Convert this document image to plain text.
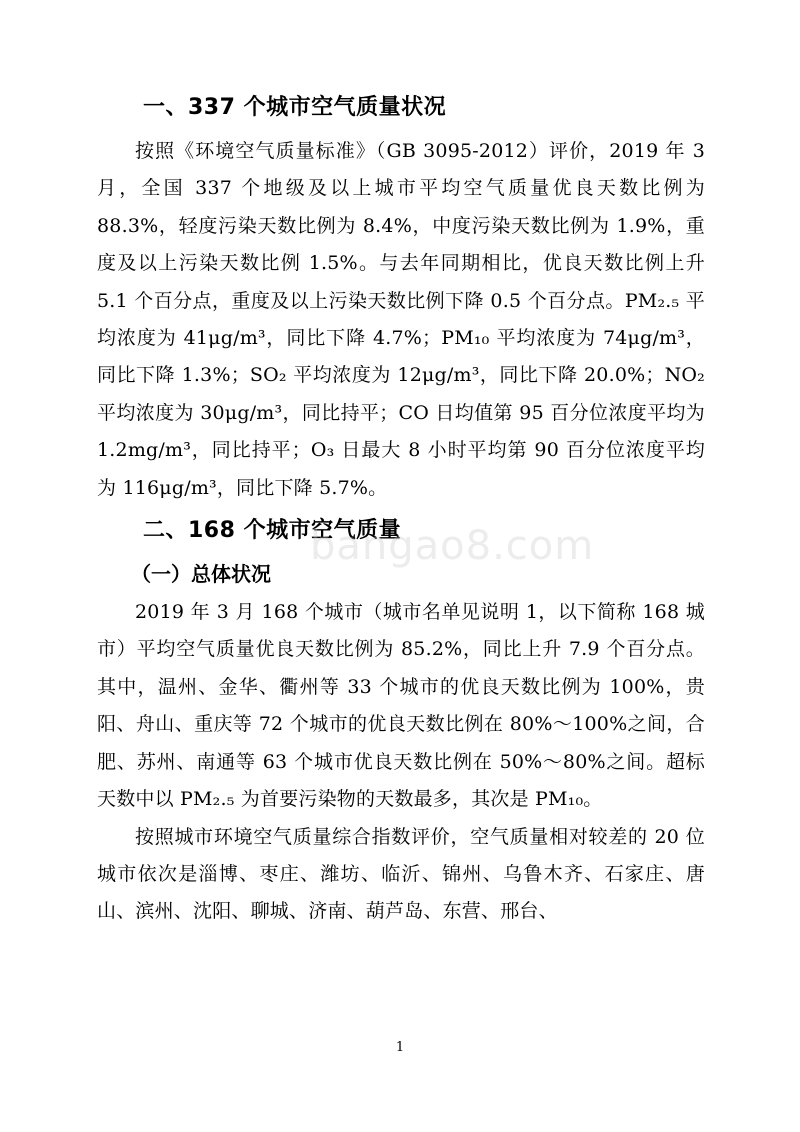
一、337 个城市空气质量状况

按照《环境空气质量标准》（GB 3095-2012）评价，2019 年 3 月，全国 337 个地级及以上城市平均空气质量优良天数比例为 88.3%，轻度污染天数比例为 8.4%，中度污染天数比例为 1.9%，重度及以上污染天数比例 1.5%。与去年同期相比，优良天数比例上升 5.1 个百分点，重度及以上污染天数比例下降 0.5 个百分点。PM₂.₅ 平均浓度为 41μg/m³，同比下降 4.7%；PM₁₀ 平均浓度为 74μg/m³，同比下降 1.3%；SO₂ 平均浓度为 12μg/m³，同比下降 20.0%；NO₂ 平均浓度为 30μg/m³，同比持平；CO 日均值第 95 百分位浓度平均为 1.2mg/m³，同比持平；O₃ 日最大 8 小时平均第 90 百分位浓度平均为 116μg/m³，同比下降 5.7%。

二、168 个城市空气质量
（一）总体状况

2019 年 3 月 168 个城市（城市名单见说明 1，以下简称 168 城市）平均空气质量优良天数比例为 85.2%，同比上升 7.9 个百分点。其中，温州、金华、衢州等 33 个城市的优良天数比例为 100%，贵阳、舟山、重庆等 72 个城市的优良天数比例在 80%～100%之间，合肥、苏州、南通等 63 个城市优良天数比例在 50%～80%之间。超标天数中以 PM₂.₅ 为首要污染物的天数最多，其次是 PM₁₀。

按照城市环境空气质量综合指数评价，空气质量相对较差的 20 位城市依次是淄博、枣庄、潍坊、临沂、锦州、乌鲁木齐、石家庄、唐山、滨州、沈阳、聊城、济南、葫芦岛、东营、邢台、

bangao8.com
1
